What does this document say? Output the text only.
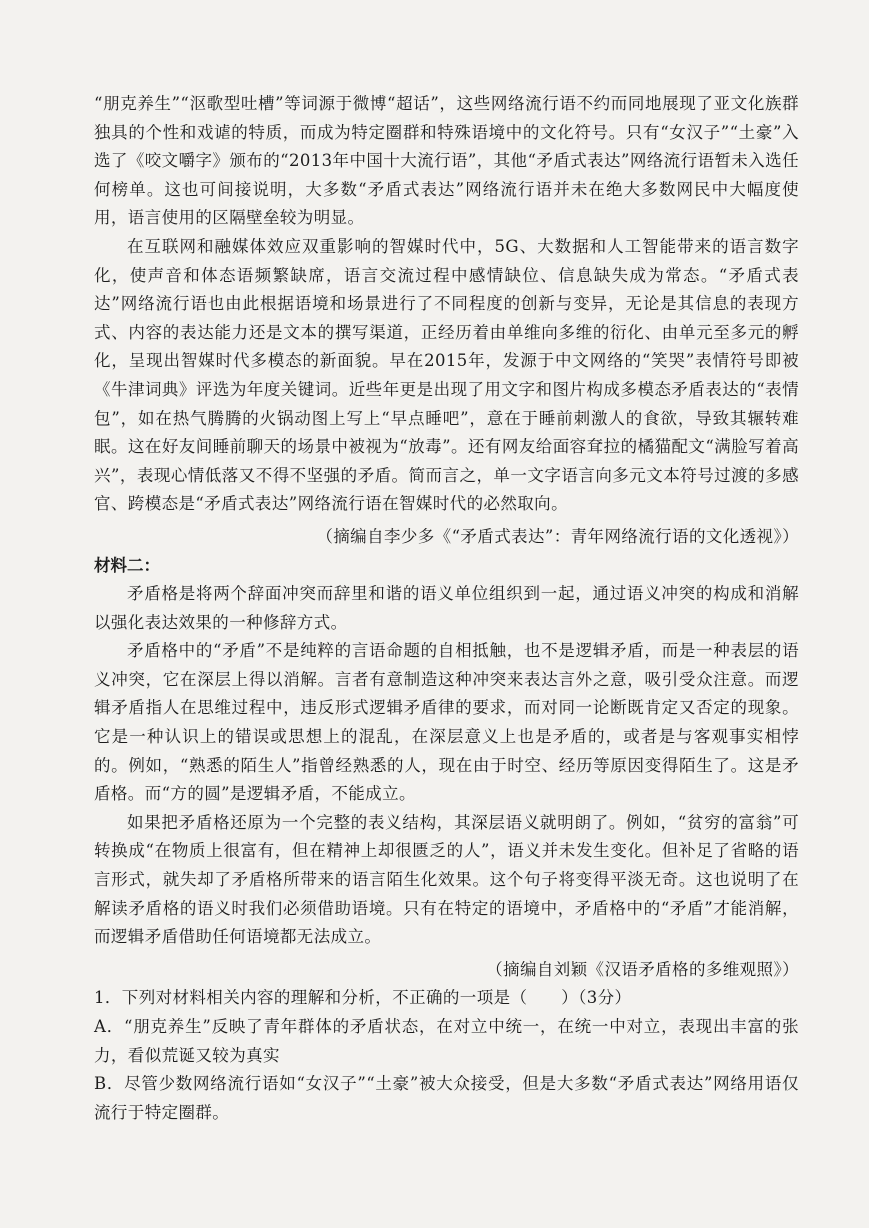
“朋克养生”“沤歌型吐槽”等词源于微博“超话”，这些网络流行语不约而同地展现了亚文化族群独具的个性和戏谑的特质，而成为特定圈群和特殊语境中的文化符号。只有“女汉子”“土豪”入选了《咬文嚼字》颁布的“2013年中国十大流行语”，其他“矛盾式表达”网络流行语暂未入选任何榜单。这也可间接说明，大多数“矛盾式表达”网络流行语并未在绝大多数网民中大幅度使用，语言使用的区隔壁垒较为明显。

在互联网和融媒体效应双重影响的智媒时代中，5G、大数据和人工智能带来的语言数字化，使声音和体态语频繁缺席，语言交流过程中感情缺位、信息缺失成为常态。“矛盾式表达”网络流行语也由此根据语境和场景进行了不同程度的创新与变异，无论是其信息的表现方式、内容的表达能力还是文本的撰写渠道，正经历着由单维向多维的衍化、由单元至多元的孵化，呈现出智媒时代多模态的新面貌。早在2015年，发源于中文网络的“笑哭”表情符号即被《牛津词典》评选为年度关键词。近些年更是出现了用文字和图片构成多模态矛盾表达的“表情包”，如在热气腾腾的火锅动图上写上“早点睡吧”，意在于睡前刺激人的食欲，导致其辗转难眠。这在好友间睡前聊天的场景中被视为“放毒”。还有网友给面容耷拉的橘猫配文“满脸写着高兴”，表现心情低落又不得不坚强的矛盾。简而言之，单一文字语言向多元文本符号过渡的多感官、跨模态是“矛盾式表达”网络流行语在智媒时代的必然取向。

（摘编自李少多《“矛盾式表达”：青年网络流行语的文化透视》）

材料二：

矛盾格是将两个辞面冲突而辞里和谐的语义单位组织到一起，通过语义冲突的构成和消解以强化表达效果的一种修辞方式。

矛盾格中的“矛盾”不是纯粹的言语命题的自相抵触，也不是逻辑矛盾，而是一种表层的语义冲突，它在深层上得以消解。言者有意制造这种冲突来表达言外之意，吸引受众注意。而逻辑矛盾指人在思维过程中，违反形式逻辑矛盾律的要求，而对同一论断既肯定又否定的现象。它是一种认识上的错误或思想上的混乱，在深层意义上也是矛盾的，或者是与客观事实相悖的。例如，“熟悉的陌生人”指曾经熟悉的人，现在由于时空、经历等原因变得陌生了。这是矛盾格。而“方的圆”是逻辑矛盾，不能成立。

如果把矛盾格还原为一个完整的表义结构，其深层语义就明朗了。例如，“贫穷的富翁”可转换成“在物质上很富有，但在精神上却很匮乏的人”，语义并未发生变化。但补足了省略的语言形式，就失却了矛盾格所带来的语言陌生化效果。这个句子将变得平淡无奇。这也说明了在解读矛盾格的语义时我们必须借助语境。只有在特定的语境中，矛盾格中的“矛盾”才能消解，而逻辑矛盾借助任何语境都无法成立。

（摘编自刘颖《汉语矛盾格的多维观照》）

1．下列对材料相关内容的理解和分析，不正确的一项是（　　）（3分）

A．“朋克养生”反映了青年群体的矛盾状态，在对立中统一，在统一中对立，表现出丰富的张力，看似荒诞又较为真实

B．尽管少数网络流行语如“女汉子”“土豪”被大众接受，但是大多数“矛盾式表达”网络用语仅流行于特定圈群。
